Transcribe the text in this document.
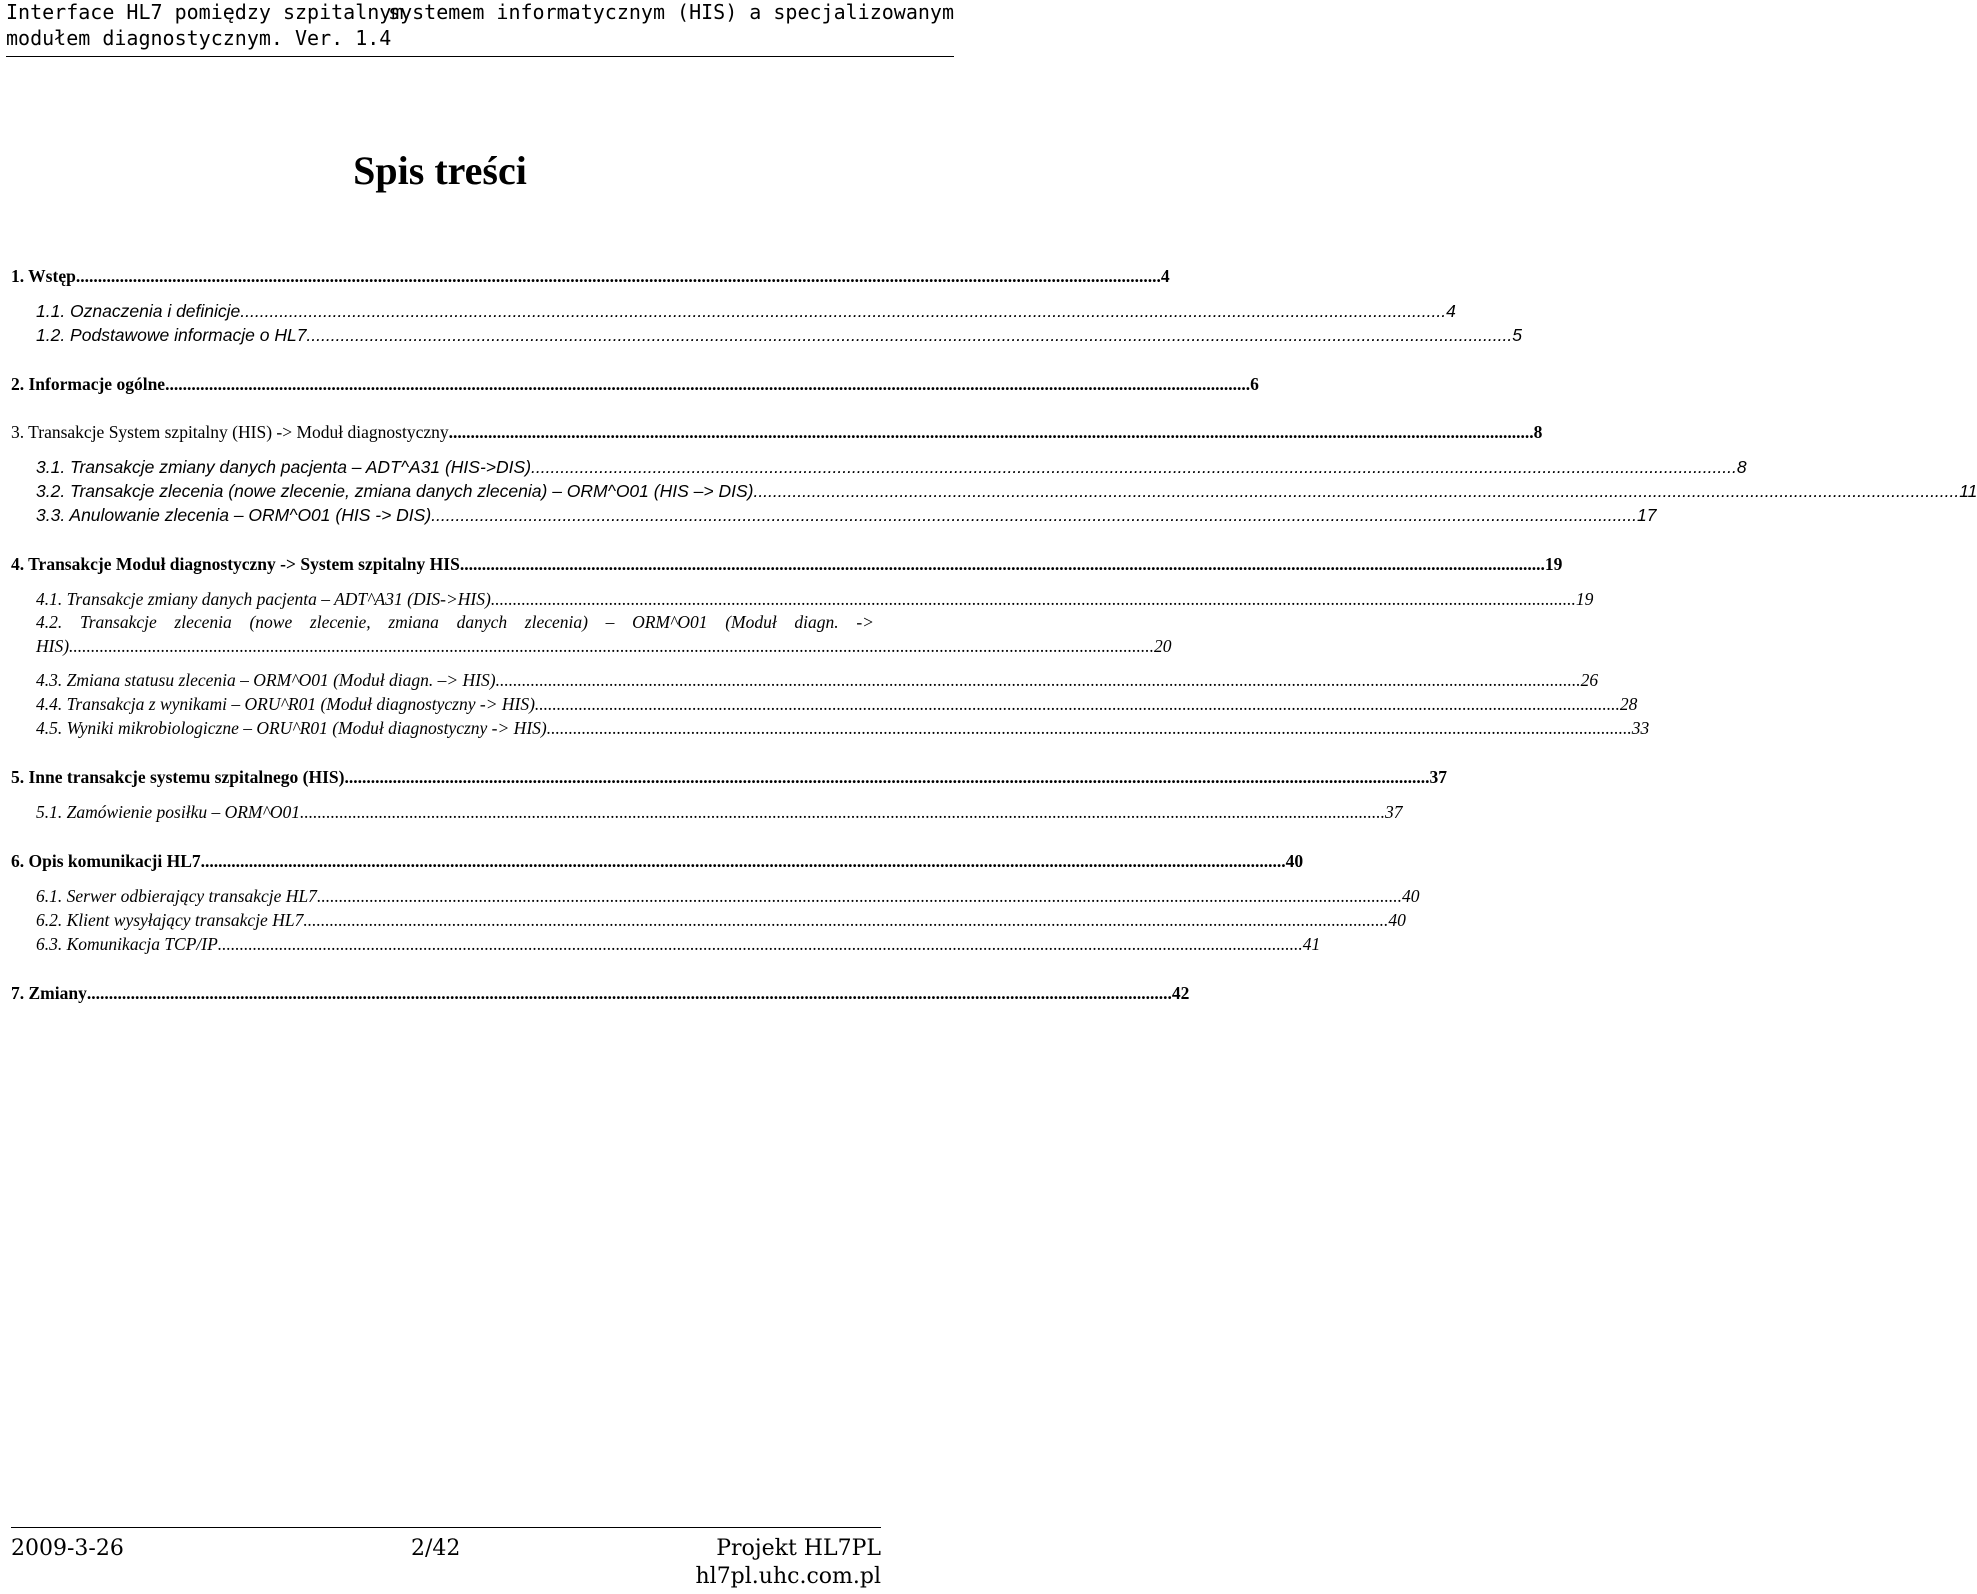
Interface HL7 pomiędzy szpitalnym
systemem informatycznym (HIS) a specjalizowanym
modułem diagnostycznym. Ver. 1.4
Spis treści
1. Wstęp ........................................................................................................................................................................................................................................................ 4
1.1. Oznaczenia i definicje ........................................................................................................................................................................................................................................................ 4
1.2. Podstawowe informacje o HL7 ........................................................................................................................................................................................................................................................ 5
2. Informacje ogólne ........................................................................................................................................................................................................................................................ 6
3. Transakcje System szpitalny (HIS) -> Moduł diagnostyczny ........................................................................................................................................................................................................................................................ 8
3.1. Transakcje zmiany danych pacjenta – ADT^A31 (HIS->DIS) ........................................................................................................................................................................................................................................................ 8
3.2. Transakcje zlecenia (nowe zlecenie, zmiana danych zlecenia) – ORM^O01 (HIS –> DIS) ........................................................................................................................................................................................................................................................ 11
3.3. Anulowanie zlecenia – ORM^O01 (HIS -> DIS) ........................................................................................................................................................................................................................................................ 17
4. Transakcje Moduł diagnostyczny -> System szpitalny HIS ........................................................................................................................................................................................................................................................ 19
4.1. Transakcje zmiany danych pacjenta – ADT^A31 (DIS->HIS) ........................................................................................................................................................................................................................................................ 19
4.2. Transakcje zlecenia (nowe zlecenie, zmiana danych zlecenia) – ORM^O01 (Moduł diagn. ->
HIS) ........................................................................................................................................................................................................................................................ 20
4.3. Zmiana statusu zlecenia – ORM^O01 (Moduł diagn. –> HIS) ........................................................................................................................................................................................................................................................ 26
4.4. Transakcja z wynikami – ORU^R01 (Moduł diagnostyczny -> HIS) ........................................................................................................................................................................................................................................................ 28
4.5. Wyniki mikrobiologiczne – ORU^R01 (Moduł diagnostyczny -> HIS) ........................................................................................................................................................................................................................................................ 33
5. Inne transakcje systemu szpitalnego (HIS) ........................................................................................................................................................................................................................................................ 37
5.1. Zamówienie posiłku – ORM^O01 ........................................................................................................................................................................................................................................................ 37
6. Opis komunikacji HL7 ........................................................................................................................................................................................................................................................ 40
6.1. Serwer odbierający transakcje HL7 ........................................................................................................................................................................................................................................................ 40
6.2. Klient wysyłający transakcje HL7 ........................................................................................................................................................................................................................................................ 40
6.3. Komunikacja TCP/IP ........................................................................................................................................................................................................................................................ 41
7. Zmiany ........................................................................................................................................................................................................................................................ 42
2009-3-26	2/42	Projekt HL7PL
hl7pl.uhc.com.pl
